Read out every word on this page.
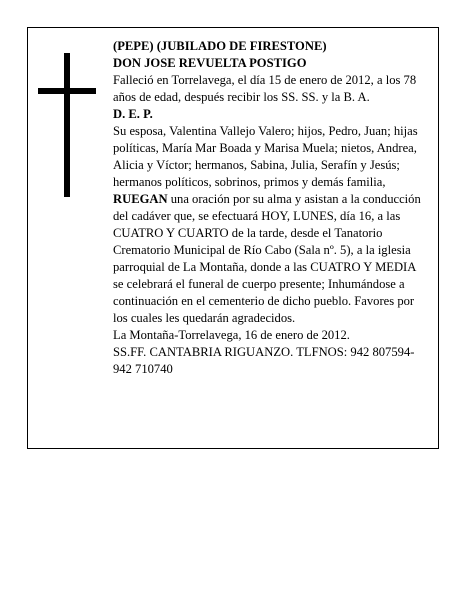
(PEPE) (JUBILADO DE FIRESTONE)
DON JOSE REVUELTA POSTIGO
Falleció en Torrelavega, el día 15 de enero de 2012, a los 78 años de edad, después recibir los SS. SS. y la B. A.
D. E. P.
Su esposa, Valentina Vallejo Valero; hijos, Pedro, Juan; hijas políticas, María Mar Boada y Marisa Muela; nietos, Andrea, Alicia y Víctor; hermanos, Sabina, Julia, Serafín y Jesús; hermanos políticos, sobrinos, primos y demás familia,
RUEGAN una oración por su alma y asistan a la conducción del cadáver que, se efectuará HOY, LUNES, día 16, a las CUATRO Y CUARTO de la tarde, desde el Tanatorio Crematorio Municipal de Río Cabo (Sala nº. 5), a la iglesia parroquial de La Montaña, donde a las CUATRO Y MEDIA se celebrará el funeral de cuerpo presente; Inhumándose a continuación en el cementerio de dicho pueblo. Favores por los cuales les quedarán agradecidos.
La Montaña-Torrelavega, 16 de enero de 2012.
SS.FF. CANTABRIA RIGUANZO. TLFNOS: 942 807594-942 710740
